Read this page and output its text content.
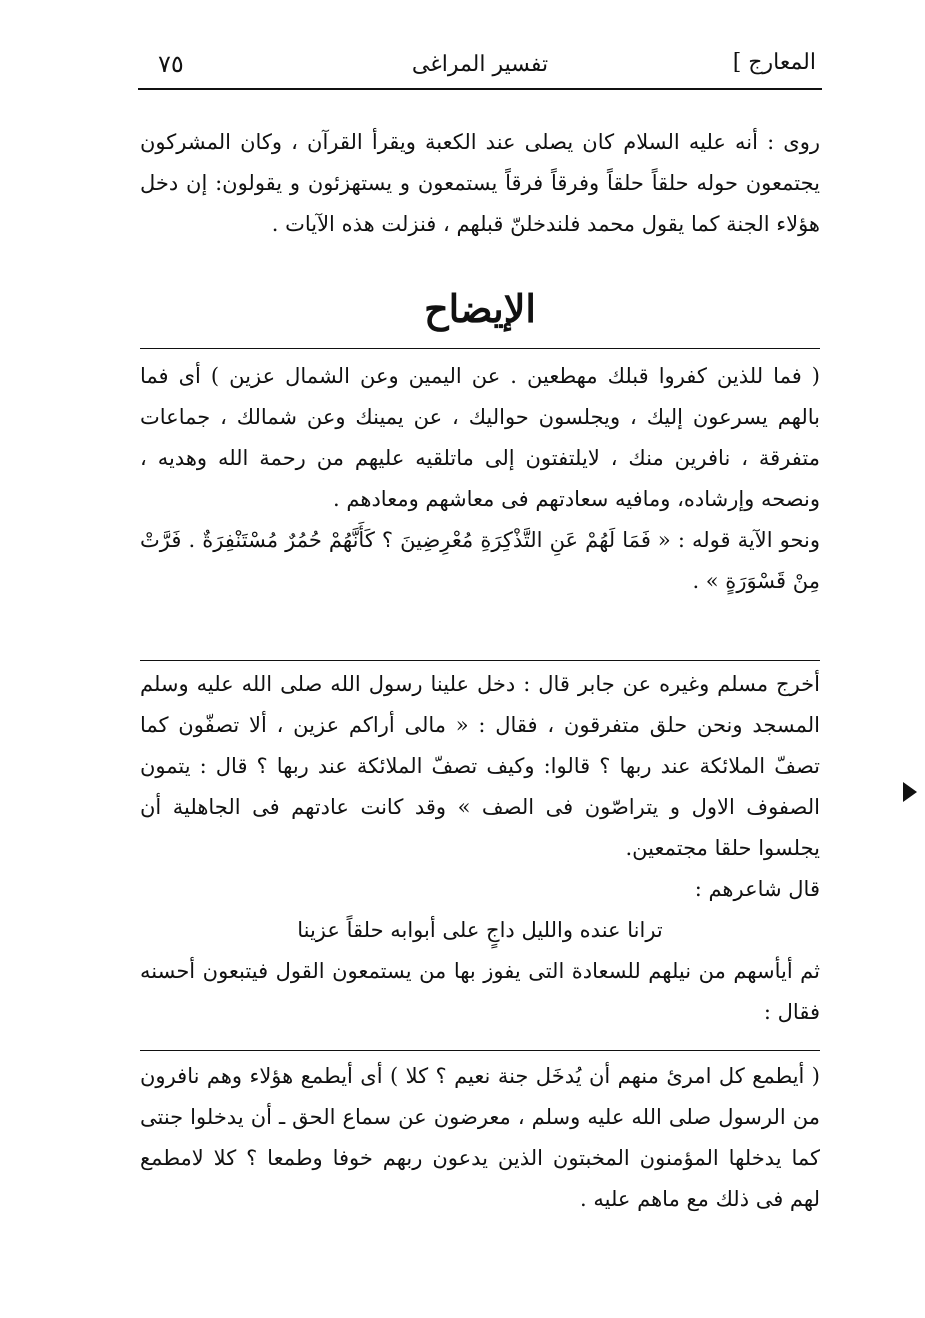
٧٥	تفسير المراغى	المعارج ]

روى : أنه عليه السلام كان يصلى عند الكعبة ويقرأ القرآن ، وكان المشركون يجتمعون حوله حلقاً حلقاً وفرقاً فرقاً يستمعون و يستهزئون و يقولون: إن دخل هؤلاء الجنة كما يقول محمد فلندخلنّ قبلهم ، فنزلت هذه الآيات .

الإيضاح

( فما للذين كفروا قبلك مهطعين . عن اليمين وعن الشمال عزين ) أى فما بالهم يسرعون إليك ، ويجلسون حواليك ، عن يمينك وعن شمالك ، جماعات متفرقة ، نافرين منك ، لايلتفتون إلى ماتلقيه عليهم من رحمة الله وهديه ، ونصحه وإرشاده، ومافيه سعادتهم فى معاشهم ومعادهم .

ونحو الآية قوله : « فَمَا لَهُمْ عَنِ التَّذْكِرَةِ مُعْرِضِينَ ؟ كَأَنَّهُمْ حُمُرٌ مُسْتَنْفِرَةٌ . فَرَّتْ مِنْ قَسْوَرَةٍ » .

أخرج مسلم وغيره عن جابر قال : دخل علينا رسول الله صلى الله عليه وسلم المسجد ونحن حلق متفرقون ، فقال : « مالى أراكم عزين ، ألا تصفّون كما تصفّ الملائكة عند ربها ؟ قالوا: وكيف تصفّ الملائكة عند ربها ؟ قال : يتمون الصفوف الاول و يتراصّون فى الصف » وقد كانت عادتهم فى الجاهلية أن يجلسوا حلقا مجتمعين.

قال شاعرهم :

ترانا عنده والليل داجٍ على أبوابه حلقاً عزينا

ثم أيأسهم من نيلهم للسعادة التى يفوز بها من يستمعون القول فيتبعون أحسنه فقال :

( أيطمع كل امرئ منهم أن يُدخَل جنة نعيم ؟ كلا ) أى أيطمع هؤلاء وهم نافرون من الرسول صلى الله عليه وسلم ، معرضون عن سماع الحق ـ أن يدخلوا جنتى كما يدخلها المؤمنون المخبتون الذين يدعون ربهم خوفا وطمعا ؟ كلا لامطمع لهم فى ذلك مع ماهم عليه .
